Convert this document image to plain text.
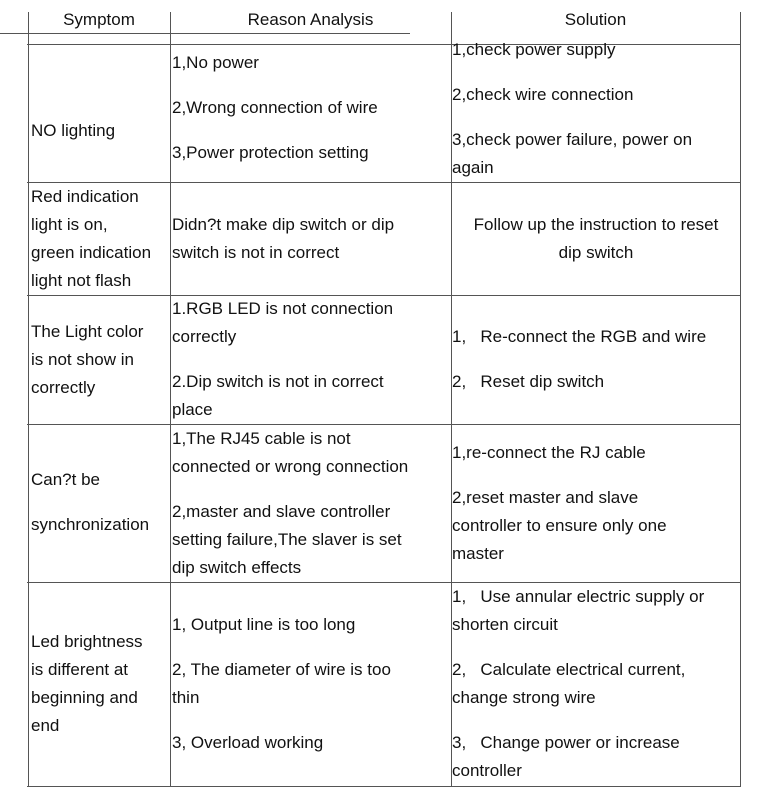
Symptom	Reason Analysis	Solution
NO lighting
1,No power
2,Wrong connection of wire
3,Power protection setting
1,check power supply
2,check wire connection
3,check power failure, power on
again
Red indication
light is on,
green indication
light not flash
Didn?t make dip switch or dip
switch is not in correct
Follow up the instruction to reset
dip switch
The Light color
is not show in
correctly
1.RGB LED is not connection
correctly
2.Dip switch is not in correct
place
1,   Re-connect the RGB and wire
2,   Reset dip switch
Can?t be
synchronization
1,The RJ45 cable is not
connected or wrong connection
2,master and slave controller
setting failure,The slaver is set
dip switch effects
1,re-connect the RJ cable
2,reset master and slave
controller to ensure only one
master
Led brightness
is different at
beginning and
end
1, Output line is too long
2, The diameter of wire is too
thin
3, Overload working
1,   Use annular electric supply or
shorten circuit
2,   Calculate electrical current,
change strong wire
3,   Change power or increase
controller
